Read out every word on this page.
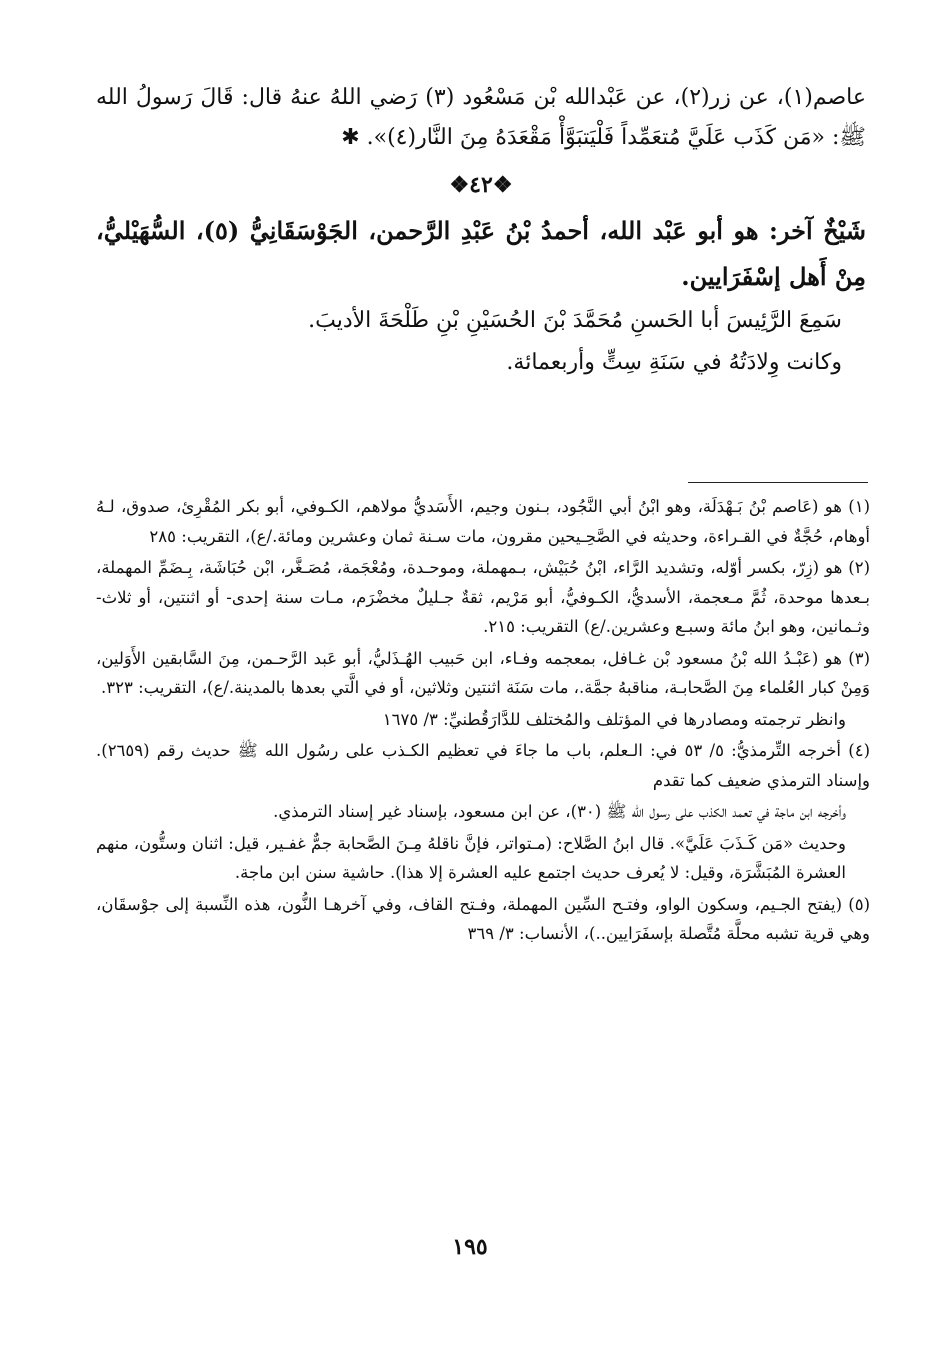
عاصم(١)، عن زر(٢)، عن عَبْدالله بْن مَسْعُود (٣) رَضي اللهُ عنهُ قال: قَالَ رَسولُ الله ﷺ: «مَن كَذَب عَلَيَّ مُتعَمِّداً فَلْيَتبَوَّأْ مَقْعَدَهُ مِنَ النَّار(٤)». ✱

❖٤٢❖

شَيْخٌ آخر: هو أبو عَبْد الله، أحمدُ بْنُ عَبْدِ الرَّحمن، الجَوْسَقَانِيُّ (٥)، السُّهَيْليُّ، مِنْ أَهل إسْفَرَايين.

سَمِعَ الرَّئِيسَ أبا الحَسنِ مُحَمَّدَ بْنَ الحُسَيْنِ بْنِ طَلْحَةَ الأديبَ.

وكانت وِلادَتُهُ في سَنَةِ سِتٍّ وأربعمائة.

(١) هو (عَاصم بْنُ بَـهْدَلَة، وهو ابْنُ أبي النَّجُود، بـنون وجيم، الأَسَديُّ مولاهم، الكـوفي، أبو بكر المُقْرِئ، صدوق، لـهُ أوهام، حُجَّةٌ في القـراءة، وحديثه في الصَّحِـيحين مقرون، مات سـنة ثمان وعشرين ومائة./ع)، التقريب: ٢٨٥

(٢) هو (زِرّ، بكسر أوّله، وتشديد الرَّاء، ابْنُ حُبَيْش، بـمهملة، وموحـدة، ومُعْجَمة، مُصَـغَّر، ابْن حُبَاشَة، بِـضَمِّ المهملة، بـعدها موحدة، ثُمَّ مـعجمة، الأسديُّ، الكـوفيُّ، أبو مَرْيم، ثقةٌ جـليلٌ مخضْرَم، مـات سنة إحدى- أو اثنتين، أو ثلاث- وثـمانين، وهو ابنُ مائة وسبـع وعشرين./ع) التقريب: ٢١٥.

(٣) هو (عَبْـدُ الله بْنُ مسعود بْن غـافل، بمعجمه وفـاء، ابن حَبيب الهُـذَليُّ، أبو عَبد الرَّحـمن، مِنَ السَّابقين الأَوَلين، وَمِنْ كبار العُلماء مِنَ الصَّحابـة، مناقبهُ جمَّة.، مات سَنَة اثنتين وثلاثين، أو في الَّتي بعدها بالمدينة./ع)، التقريب: ٣٢٣.

وانظر ترجمته ومصادرها في المؤتلف والمُختلف للدَّارَقُطنيِّ: ٣/ ١٦٧٥

(٤) أخرجه التِّرمذيُّ: ٥/ ٥٣ في: الـعلم، باب ما جاءَ في تعظيم الكـذب على رسُول الله ﷺ حديث رقم (٢٦٥٩). وإسناد الترمذي ضعيف كما تقدم

وأخرجه ابن ماجة في تعمد الكذب على رسول الله ﷺ (٣٠)، عن ابن مسعود، بإسناد غير إسناد الترمذي.

وحديث «مَن كَـذَبَ عَلَيَّ». قال ابنُ الصَّلاح: (مـتواتر، فإنَّ ناقلهُ مِـنَ الصَّحابة جمٌّ غفـير، قيل: اثنان وستُّون، منهم العشرة المُبَشَّرَة، وقيل: لا يُعرف حديث اجتمع عليه العشرة إلا هذا). حاشية سنن ابن ماجة.

(٥) (يفتح الجـيم، وسكون الواو، وفتـح السِّين المهملة، وفـتح القاف، وفي آخرهـا النُّون، هذه النِّسبة إلى جوْسقَان، وهي قرية تشبه محلَّة مُتَّصلة بإسفَرَايين..)، الأنساب: ٣/ ٣٦٩

١٩٥
